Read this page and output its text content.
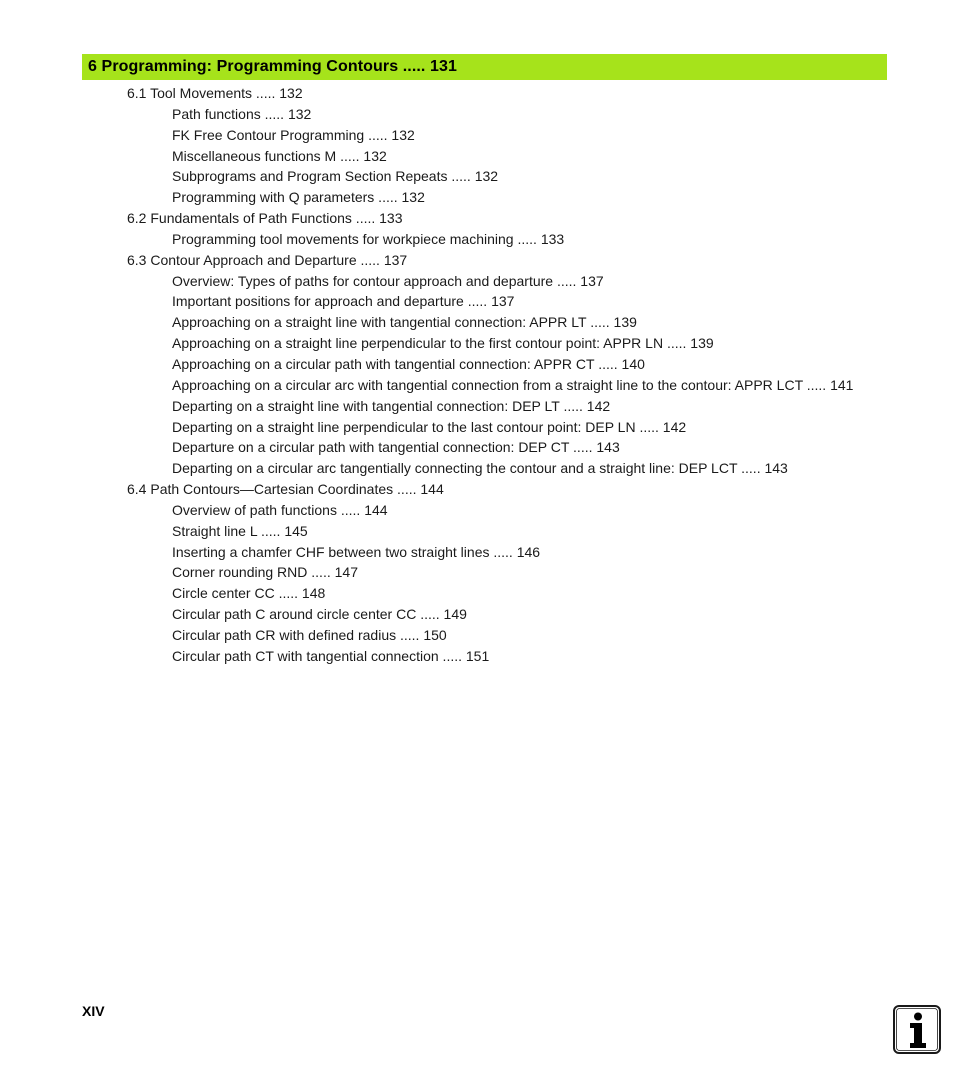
6 Programming: Programming Contours ..... 131
6.1 Tool Movements ..... 132
Path functions ..... 132
FK Free Contour Programming ..... 132
Miscellaneous functions M ..... 132
Subprograms and Program Section Repeats ..... 132
Programming with Q parameters ..... 132
6.2 Fundamentals of Path Functions ..... 133
Programming tool movements for workpiece machining ..... 133
6.3 Contour Approach and Departure ..... 137
Overview: Types of paths for contour approach and departure ..... 137
Important positions for approach and departure ..... 137
Approaching on a straight line with tangential connection: APPR LT ..... 139
Approaching on a straight line perpendicular to the first contour point: APPR LN ..... 139
Approaching on a circular path with tangential connection: APPR CT ..... 140
Approaching on a circular arc with tangential connection from a straight line to the contour: APPR LCT ..... 141
Departing on a straight line with tangential connection: DEP LT ..... 142
Departing on a straight line perpendicular to the last contour point: DEP LN ..... 142
Departure on a circular path with tangential connection: DEP CT ..... 143
Departing on a circular arc tangentially connecting the contour and a straight line: DEP LCT ..... 143
6.4 Path Contours—Cartesian Coordinates ..... 144
Overview of path functions ..... 144
Straight line L ..... 145
Inserting a chamfer CHF between two straight lines ..... 146
Corner rounding RND ..... 147
Circle center CC ..... 148
Circular path C around circle center CC ..... 149
Circular path CR with defined radius ..... 150
Circular path CT with tangential connection ..... 151
XIV
